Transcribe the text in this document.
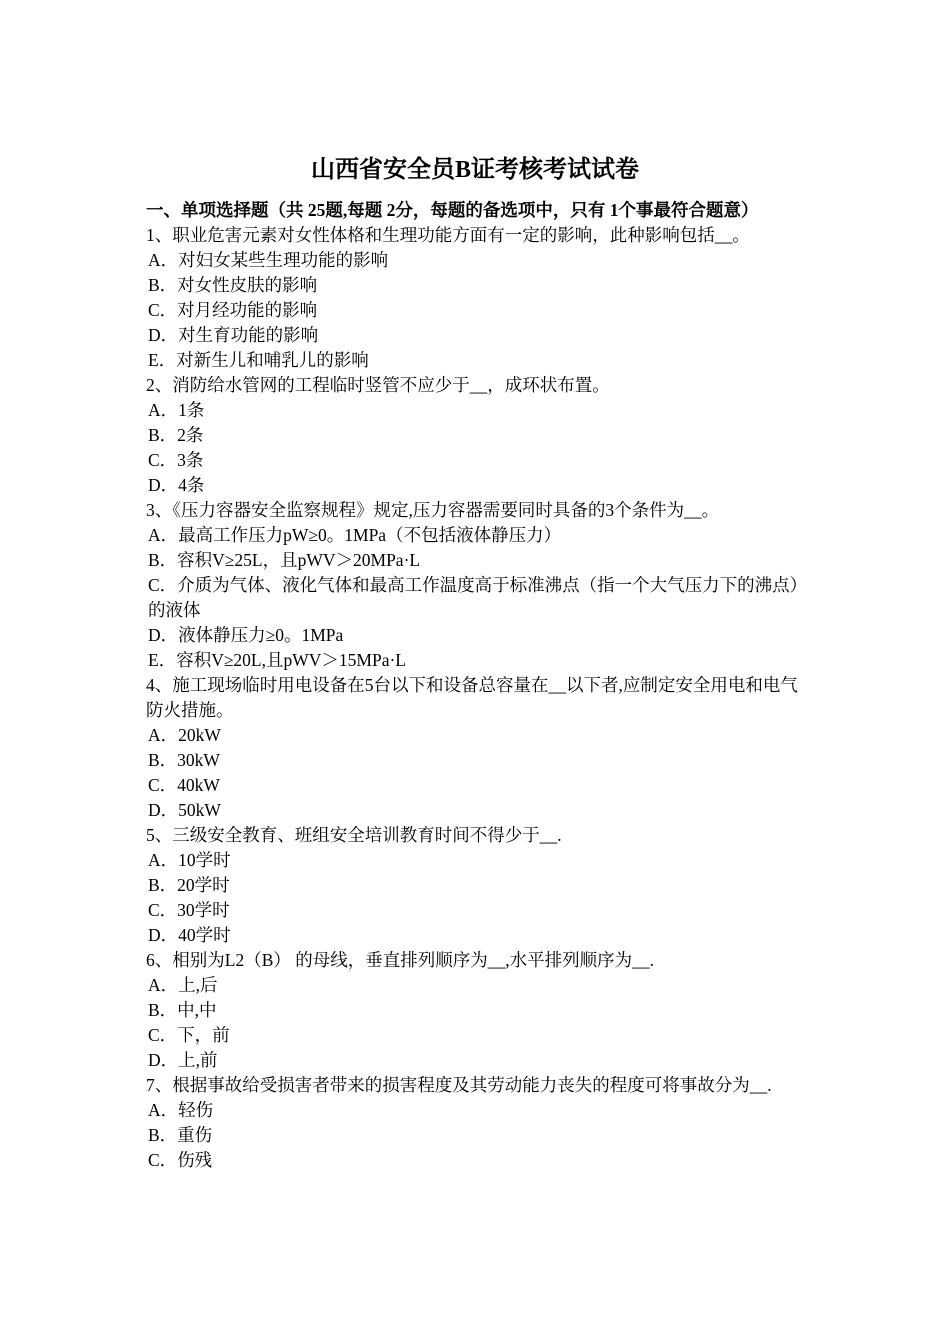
山西省安全员B证考核考试试卷

一、单项选择题（共 25题,每题 2分，每题的备选项中，只有 1个事最符合题意）

1、职业危害元素对女性体格和生理功能方面有一定的影响，此种影响包括__。

A．对妇女某些生理功能的影响

B．对女性皮肤的影响

C．对月经功能的影响

D．对生育功能的影响

E．对新生儿和哺乳儿的影响

2、消防给水管网的工程临时竖管不应少于__，成环状布置。

A．1条

B．2条

C．3条

D．4条

3、《压力容器安全监察规程》规定,压力容器需要同时具备的3个条件为__。

A．最高工作压力pW≥0。1MPa（不包括液体静压力）

B．容积V≥25L，且pWV＞20MPa·L

C．介质为气体、液化气体和最高工作温度高于标准沸点（指一个大气压力下的沸点）的液体

D．液体静压力≥0。1MPa

E．容积V≥20L,且pWV＞15MPa·L

4、施工现场临时用电设备在5台以下和设备总容量在__以下者,应制定安全用电和电气防火措施。

A．20kW

B．30kW

C．40kW

D．50kW

5、三级安全教育、班组安全培训教育时间不得少于__.

A．10学时

B．20学时

C．30学时

D．40学时

6、相别为L2（B） 的母线，垂直排列顺序为__,水平排列顺序为__.

A．上,后

B．中,中

C．下，前

D．上,前

7、根据事故给受损害者带来的损害程度及其劳动能力丧失的程度可将事故分为__.

A．轻伤

B．重伤

C．伤残
